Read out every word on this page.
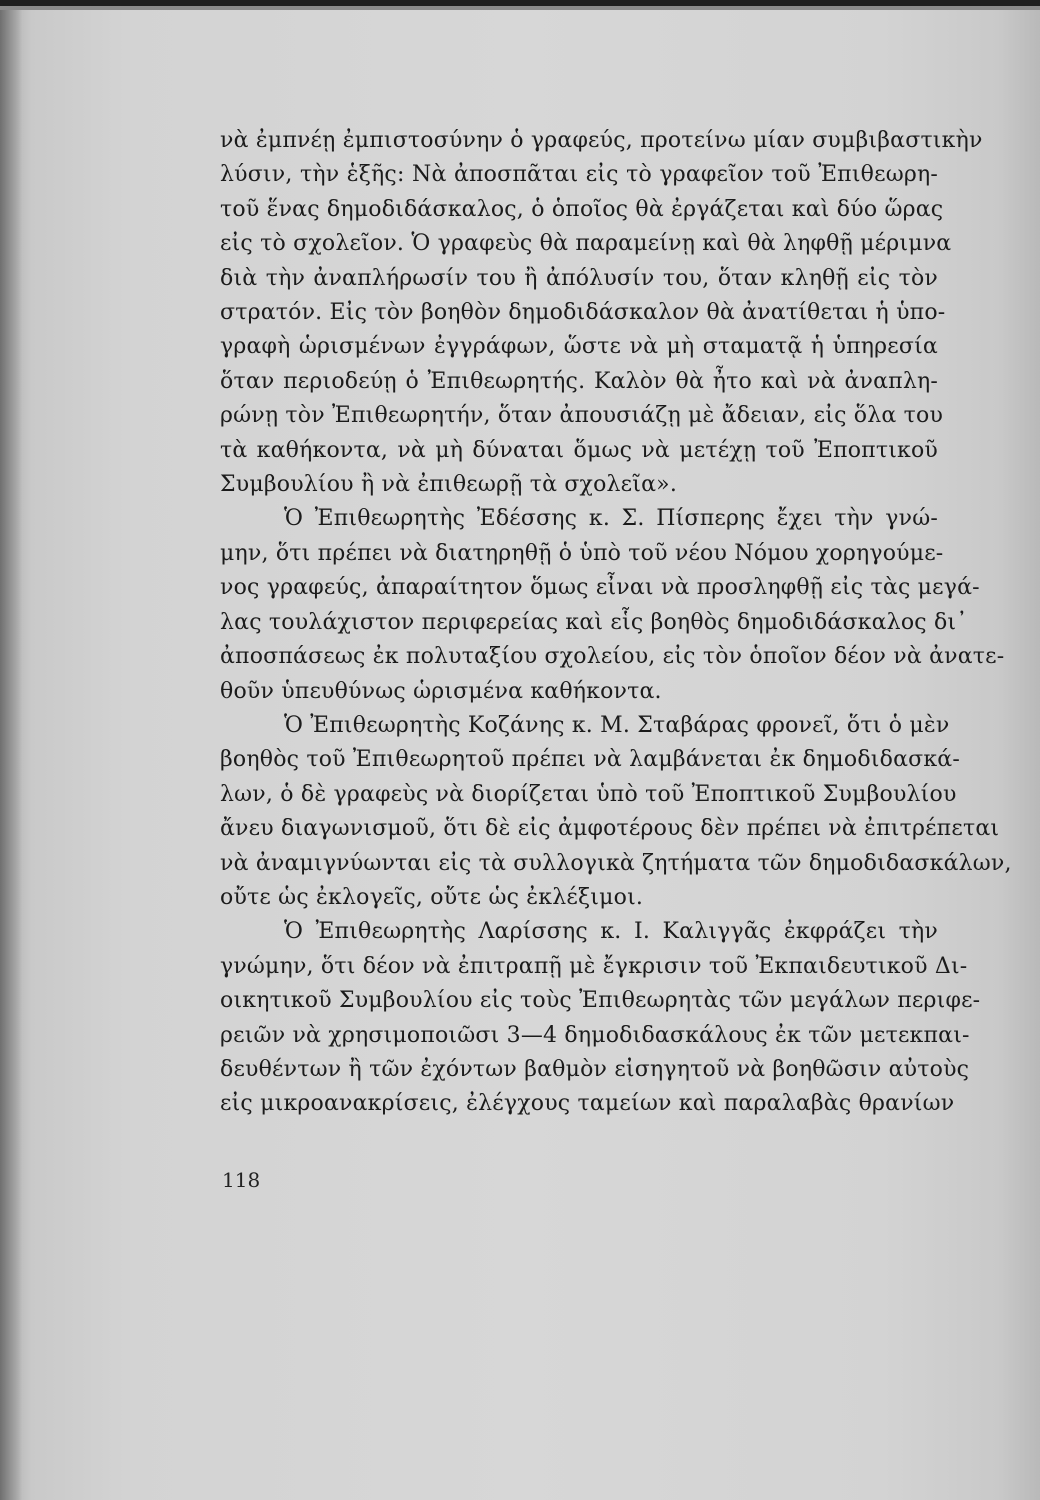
νὰ ἐμπνέῃ ἐμπιστοσύνην ὁ γραφεύς, προτείνω μίαν συμβιβαστικὴν
λύσιν, τὴν ἑξῆς: Νὰ ἀποσπᾶται εἰς τὸ γραφεῖον τοῦ Ἐπιθεωρη-
τοῦ ἕνας δημοδιδάσκαλος, ὁ ὁποῖος θὰ ἐργάζεται καὶ δύο ὥρας
εἰς τὸ σχολεῖον. Ὁ γραφεὺς θὰ παραμείνῃ καὶ θὰ ληφθῇ μέριμνα
διὰ τὴν ἀναπλήρωσίν του ἢ ἀπόλυσίν του, ὅταν κληθῇ εἰς τὸν
στρατόν. Εἰς τὸν βοηθὸν δημοδιδάσκαλον θὰ ἀνατίθεται ἡ ὑπο-
γραφὴ ὡρισμένων ἐγγράφων, ὥστε νὰ μὴ σταματᾷ ἡ ὑπηρεσία
ὅταν περιοδεύῃ ὁ Ἐπιθεωρητής. Καλὸν θὰ ἦτο καὶ νὰ ἀναπλη-
ρώνῃ τὸν Ἐπιθεωρητήν, ὅταν ἀπουσιάζῃ μὲ ἄδειαν, εἰς ὅλα του
τὰ καθήκοντα, νὰ μὴ δύναται ὅμως νὰ μετέχῃ τοῦ Ἐποπτικοῦ
Συμβουλίου ἢ νὰ ἐπιθεωρῇ τὰ σχολεῖα».
Ὁ Ἐπιθεωρητὴς Ἐδέσσης κ. Σ. Πίσπερης ἔχει τὴν γνώ-
μην, ὅτι πρέπει νὰ διατηρηθῇ ὁ ὑπὸ τοῦ νέου Νόμου χορηγούμε-
νος γραφεύς, ἀπαραίτητον ὅμως εἶναι νὰ προσληφθῇ εἰς τὰς μεγά-
λας τουλάχιστον περιφερείας καὶ εἷς βοηθὸς δημοδιδάσκαλος δι᾽
ἀποσπάσεως ἐκ πολυταξίου σχολείου, εἰς τὸν ὁποῖον δέον νὰ ἀνατε-
θοῦν ὑπευθύνως ὡρισμένα καθήκοντα.
Ὁ Ἐπιθεωρητὴς Κοζάνης κ. Μ. Σταβάρας φρονεῖ, ὅτι ὁ μὲν
βοηθὸς τοῦ Ἐπιθεωρητοῦ πρέπει νὰ λαμβάνεται ἐκ δημοδιδασκά-
λων, ὁ δὲ γραφεὺς νὰ διορίζεται ὑπὸ τοῦ Ἐποπτικοῦ Συμβουλίου
ἄνευ διαγωνισμοῦ, ὅτι δὲ εἰς ἀμφοτέρους δὲν πρέπει νὰ ἐπιτρέπεται
νὰ ἀναμιγνύωνται εἰς τὰ συλλογικὰ ζητήματα τῶν δημοδιδασκάλων,
οὔτε ὡς ἐκλογεῖς, οὔτε ὡς ἐκλέξιμοι.
Ὁ Ἐπιθεωρητὴς Λαρίσσης κ. Ι. Καλιγγᾶς ἐκφράζει τὴν
γνώμην, ὅτι δέον νὰ ἐπιτραπῇ μὲ ἔγκρισιν τοῦ Ἐκπαιδευτικοῦ Δι-
οικητικοῦ Συμβουλίου εἰς τοὺς Ἐπιθεωρητὰς τῶν μεγάλων περιφε-
ρειῶν νὰ χρησιμοποιῶσι 3—4 δημοδιδασκάλους ἐκ τῶν μετεκπαι-
δευθέντων ἢ τῶν ἐχόντων βαθμὸν εἰσηγητοῦ νὰ βοηθῶσιν αὐτοὺς
εἰς μικροανακρίσεις, ἐλέγχους ταμείων καὶ παραλαβὰς θρανίων
118
